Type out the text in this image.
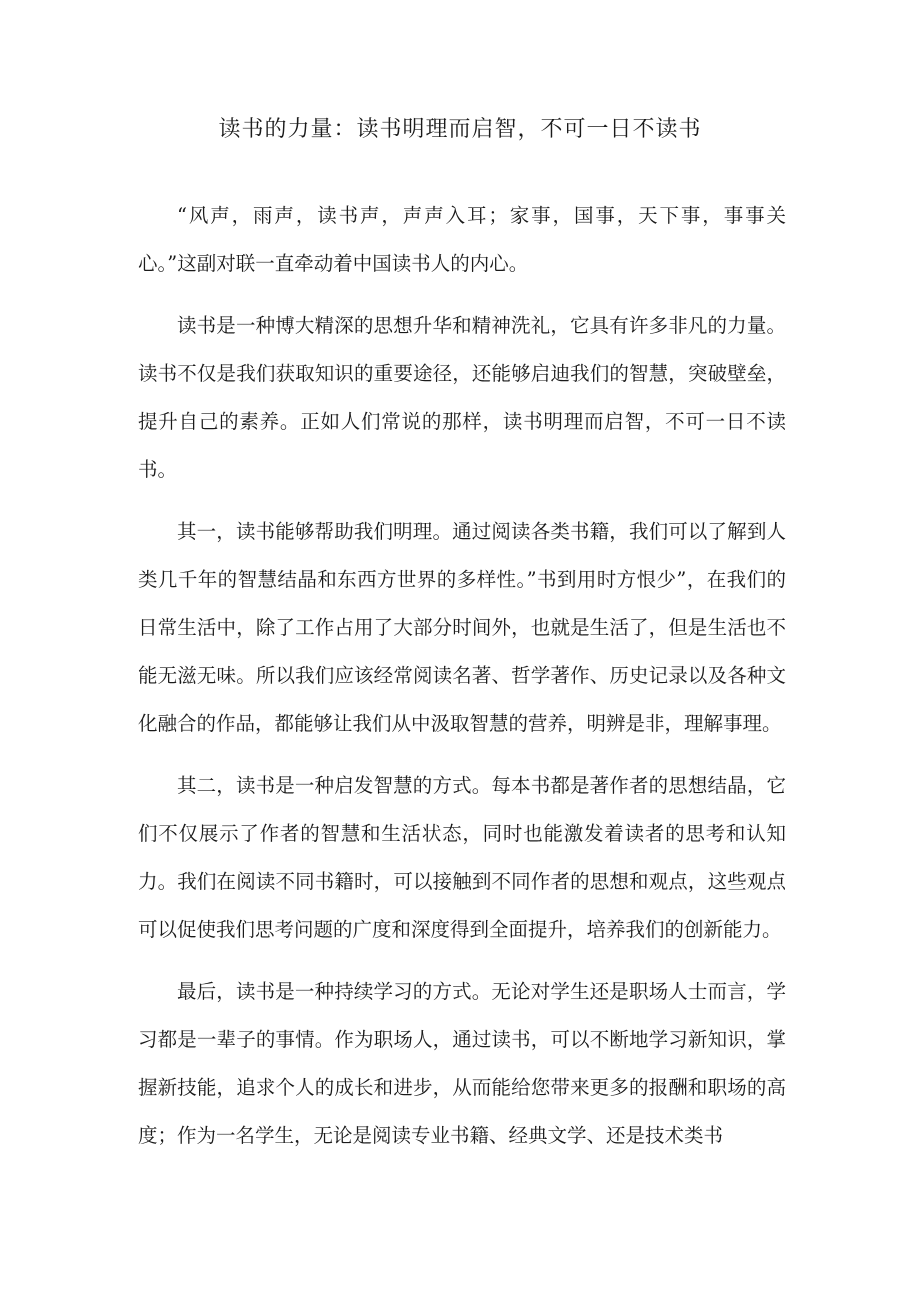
读书的力量：读书明理而启智，不可一日不读书

“风声，雨声，读书声，声声入耳；家事，国事，天下事，事事关心。”这副对联一直牵动着中国读书人的内心。

读书是一种博大精深的思想升华和精神洗礼，它具有许多非凡的力量。读书不仅是我们获取知识的重要途径，还能够启迪我们的智慧，突破壁垒，提升自己的素养。正如人们常说的那样，读书明理而启智，不可一日不读书。

其一，读书能够帮助我们明理。通过阅读各类书籍，我们可以了解到人类几千年的智慧结晶和东西方世界的多样性。”书到用时方恨少”，在我们的日常生活中，除了工作占用了大部分时间外，也就是生活了，但是生活也不能无滋无味。所以我们应该经常阅读名著、哲学著作、历史记录以及各种文化融合的作品，都能够让我们从中汲取智慧的营养，明辨是非，理解事理。

其二，读书是一种启发智慧的方式。每本书都是著作者的思想结晶，它们不仅展示了作者的智慧和生活状态，同时也能激发着读者的思考和认知力。我们在阅读不同书籍时，可以接触到不同作者的思想和观点，这些观点可以促使我们思考问题的广度和深度得到全面提升，培养我们的创新能力。

最后，读书是一种持续学习的方式。无论对学生还是职场人士而言，学习都是一辈子的事情。作为职场人，通过读书，可以不断地学习新知识，掌握新技能，追求个人的成长和进步，从而能给您带来更多的报酬和职场的高度；作为一名学生，无论是阅读专业书籍、经典文学、还是技术类书
